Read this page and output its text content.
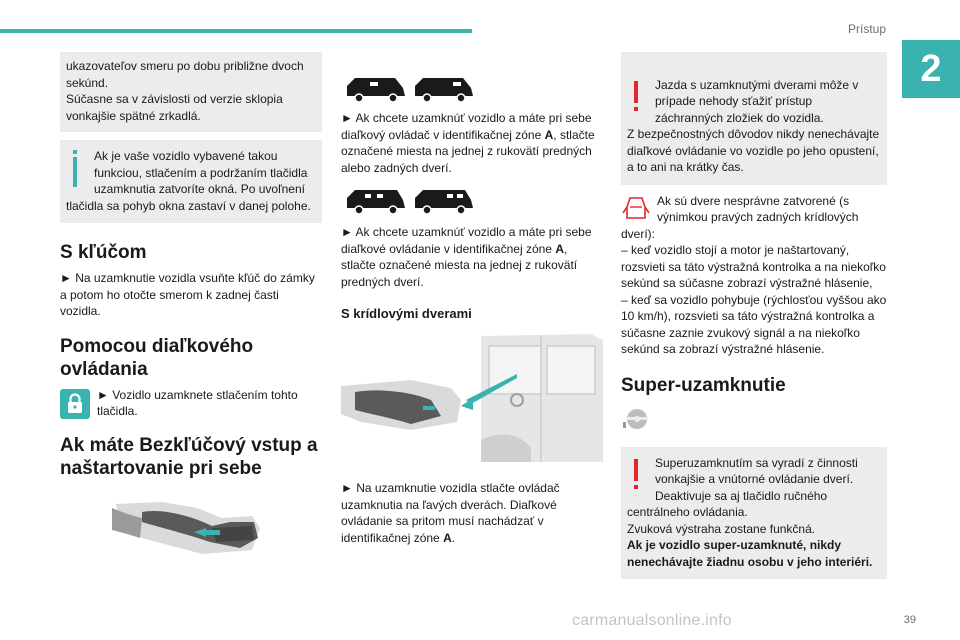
Prístup
2
ukazovateľov smeru po dobu približne dvoch sekúnd.
Súčasne sa v závislosti od verzie sklopia vonkajšie spätné zrkadlá.
Ak je vaše vozidlo vybavené takou funkciou, stlačením a podržaním tlačidla uzamknutia zatvoríte okná. Po uvoľnení tlačidla sa pohyb okna zastaví v danej polohe.
S kľúčom

► Na uzamknutie vozidla vsuňte kľúč do zámky a potom ho otočte smerom k zadnej časti vozidla.

Pomocou diaľkového ovládania

► Vozidlo uzamknete stlačením tohto tlačidla.

Ak máte Bezkľúčový vstup a naštartovanie pri sebe

► Ak chcete uzamknúť vozidlo a máte pri sebe diaľkový ovládač v identifikačnej zóne A, stlačte označené miesta na jednej z rukovätí predných alebo zadných dverí.

► Ak chcete uzamknúť vozidlo a máte pri sebe diaľkové ovládanie v identifikačnej zóne A, stlačte označené miesta na jednej z rukovätí predných dverí.

S krídlovými dverami

► Na uzamknutie vozidla stlačte ovládač uzamknutia na ľavých dverách. Diaľkové ovládanie sa pritom musí nachádzať v identifikačnej zóne A.

Jazda s uzamknutými dverami môže v prípade nehody sťažiť prístup záchranných zložiek do vozidla.
Z bezpečnostných dôvodov nikdy nenechávajte diaľkové ovládanie vo vozidle po jeho opustení, a to ani na krátky čas.

Ak sú dvere nesprávne zatvorené (s výnimkou pravých zadných krídlových dverí):
– keď vozidlo stojí a motor je naštartovaný, rozsvieti sa táto výstražná kontrolka a na niekoľko sekúnd sa súčasne zobrazí výstražné hlásenie,
– keď sa vozidlo pohybuje (rýchlosťou vyššou ako 10 km/h), rozsvieti sa táto výstražná kontrolka a súčasne zaznie zvukový signál a na niekoľko sekúnd sa zobrazí výstražné hlásenie.

Super-uzamknutie
Superuzamknutím sa vyradí z činnosti vonkajšie a vnútorné ovládanie dverí.
Deaktivuje sa aj tlačidlo ručného centrálneho ovládania.
Zvuková výstraha zostane funkčná.
Ak je vozidlo super-uzamknuté, nikdy nenechávajte žiadnu osobu v jeho interiéri.
carmanualsonline.info	39
